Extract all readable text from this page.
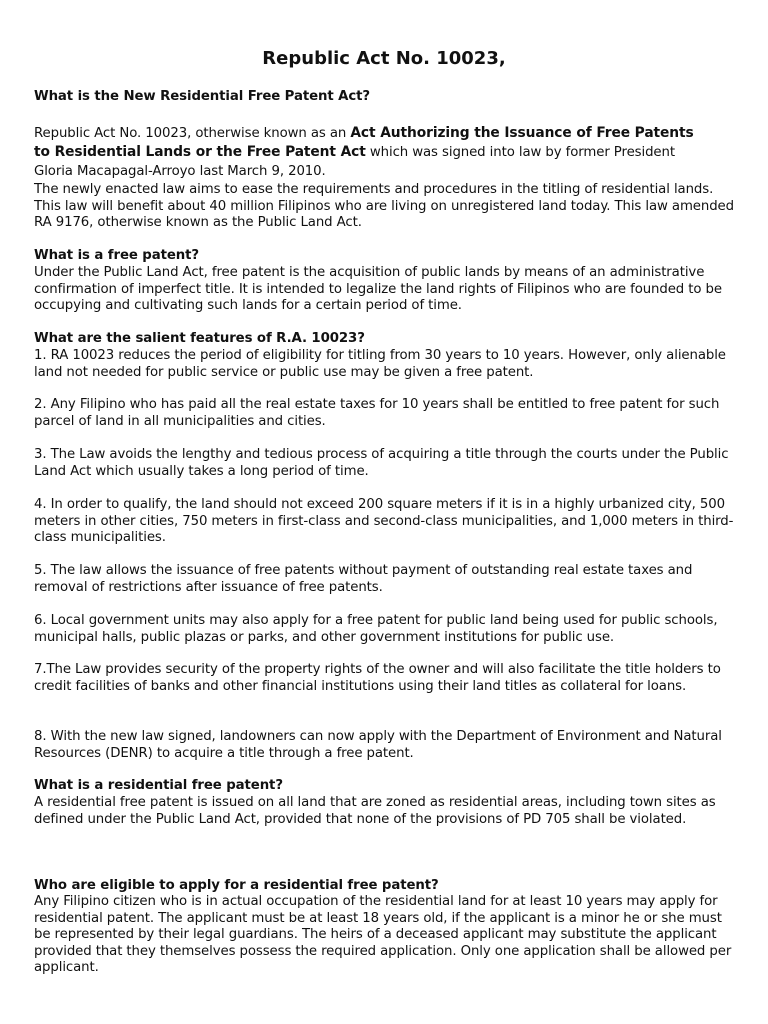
Republic Act No. 10023,

What is the New Residential Free Patent Act?

Republic Act No. 10023, otherwise known as an Act Authorizing the Issuance of Free Patents
to Residential Lands or the Free Patent Act which was signed into law by former President
Gloria Macapagal-Arroyo last March 9, 2010.

The newly enacted law aims to ease the requirements and procedures in the titling of residential lands. This law will benefit about 40 million Filipinos who are living on unregistered land today. This law amended RA 9176, otherwise known as the Public Land Act.

What is a free patent?

Under the Public Land Act, free patent is the acquisition of public lands by means of an administrative confirmation of imperfect title. It is intended to legalize the land rights of Filipinos who are founded to be occupying and cultivating such lands for a certain period of time.

What are the salient features of R.A. 10023?

1. RA 10023 reduces the period of eligibility for titling from 30 years to 10 years. However, only alienable land not needed for public service or public use may be given a free patent.

2. Any Filipino who has paid all the real estate taxes for 10 years shall be entitled to free patent for such parcel of land in all municipalities and cities.

3. The Law avoids the lengthy and tedious process of acquiring a title through the courts under the Public Land Act which usually takes a long period of time.

4. In order to qualify, the land should not exceed 200 square meters if it is in a highly urbanized city, 500 meters in other cities, 750 meters in first-class and second-class municipalities, and 1,000 meters in third-class municipalities.

5. The law allows the issuance of free patents without payment of outstanding real estate taxes and removal of restrictions after issuance of free patents.

6. Local government units may also apply for a free patent for public land being used for public schools, municipal halls, public plazas or parks, and other government institutions for public use.

7.The Law provides security of the property rights of the owner and will also facilitate the title holders to credit facilities of banks and other financial institutions using their land titles as collateral for loans.

8. With the new law signed, landowners can now apply with the Department of Environment and Natural Resources (DENR) to acquire a title through a free patent.

What is a residential free patent?

A residential free patent is issued on all land that are zoned as residential areas, including town sites as defined under the Public Land Act, provided that none of the provisions of PD 705 shall be violated.

Who are eligible to apply for a residential free patent?

Any Filipino citizen who is in actual occupation of the residential land for at least 10 years may apply for residential patent. The applicant must be at least 18 years old, if the applicant is a minor he or she must be represented by their legal guardians. The heirs of a deceased applicant may substitute the applicant provided that they themselves possess the required application. Only one application shall be allowed per applicant.
